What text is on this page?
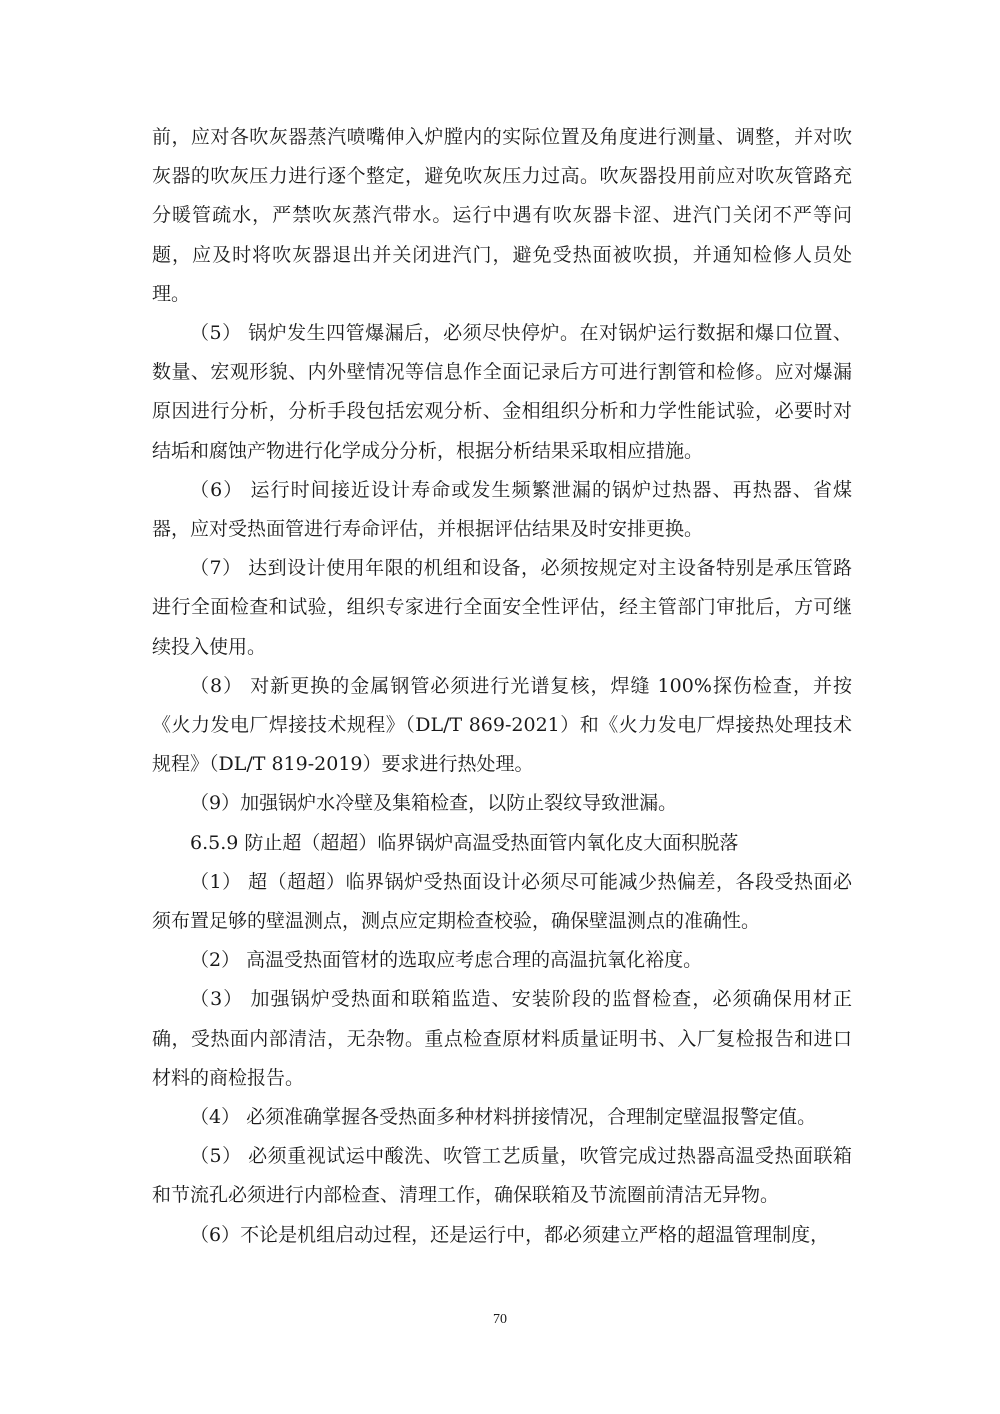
前，应对各吹灰器蒸汽喷嘴伸入炉膛内的实际位置及角度进行测量、调整，并对吹灰器的吹灰压力进行逐个整定，避免吹灰压力过高。吹灰器投用前应对吹灰管路充分暖管疏水，严禁吹灰蒸汽带水。运行中遇有吹灰器卡涩、进汽门关闭不严等问题，应及时将吹灰器退出并关闭进汽门，避免受热面被吹损，并通知检修人员处理。

（5） 锅炉发生四管爆漏后，必须尽快停炉。在对锅炉运行数据和爆口位置、数量、宏观形貌、内外壁情况等信息作全面记录后方可进行割管和检修。应对爆漏原因进行分析，分析手段包括宏观分析、金相组织分析和力学性能试验，必要时对结垢和腐蚀产物进行化学成分分析，根据分析结果采取相应措施。

（6） 运行时间接近设计寿命或发生频繁泄漏的锅炉过热器、再热器、省煤器，应对受热面管进行寿命评估，并根据评估结果及时安排更换。

（7） 达到设计使用年限的机组和设备，必须按规定对主设备特别是承压管路进行全面检查和试验，组织专家进行全面安全性评估，经主管部门审批后，方可继续投入使用。

（8） 对新更换的金属钢管必须进行光谱复核，焊缝 100%探伤检查，并按《火力发电厂焊接技术规程》（DL/T 869-2021）和《火力发电厂焊接热处理技术规程》（DL/T 819-2019）要求进行热处理。

（9）加强锅炉水冷壁及集箱检查，以防止裂纹导致泄漏。

6.5.9 防止超（超超）临界锅炉高温受热面管内氧化皮大面积脱落

（1） 超（超超）临界锅炉受热面设计必须尽可能减少热偏差，各段受热面必须布置足够的壁温测点，测点应定期检查校验，确保壁温测点的准确性。

（2） 高温受热面管材的选取应考虑合理的高温抗氧化裕度。

（3） 加强锅炉受热面和联箱监造、安装阶段的监督检查，必须确保用材正确，受热面内部清洁，无杂物。重点检查原材料质量证明书、入厂复检报告和进口材料的商检报告。

（4） 必须准确掌握各受热面多种材料拼接情况，合理制定壁温报警定值。

（5） 必须重视试运中酸洗、吹管工艺质量，吹管完成过热器高温受热面联箱和节流孔必须进行内部检查、清理工作，确保联箱及节流圈前清洁无异物。

（6）不论是机组启动过程，还是运行中，都必须建立严格的超温管理制度，

70
